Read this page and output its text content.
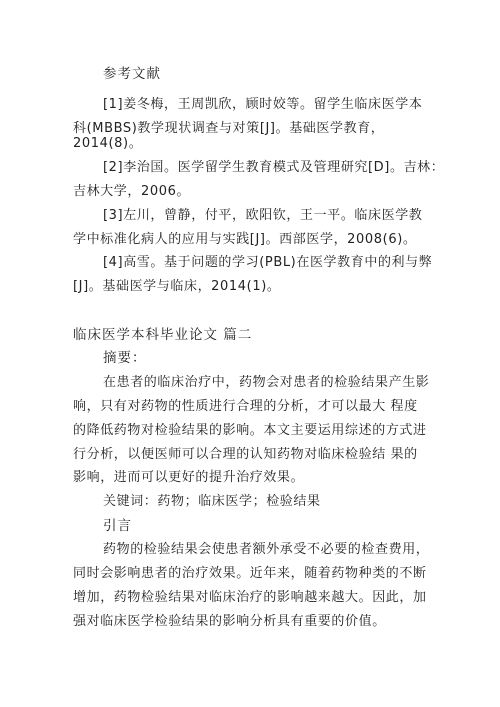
参考文献
[1]姜冬梅，王周凯欣，顾时姣等。留学生临床医学本
科(MBBS)教学现状调查与对策[J]。基础医学教育，
2014(8)。
[2]李治国。医学留学生教育模式及管理研究[D]。吉林：
吉林大学，2006。
[3]左川，曾静，付平，欧阳钦，王一平。临床医学教
学中标准化病人的应用与实践[J]。西部医学，2008(6)。
[4]高雪。基于问题的学习(PBL)在医学教育中的利与弊
[J]。基础医学与临床，2014(1)。
临床医学本科毕业论文 篇二
摘要：
在患者的临床治疗中，药物会对患者的检验结果产生影
响，只有对药物的性质进行合理的分析，才可以最大 程度
的降低药物对检验结果的影响。本文主要运用综述的方式进
行分析，以便医师可以合理的认知药物对临床检验结 果的
影响，进而可以更好的提升治疗效果。
关键词：药物；临床医学；检验结果
引言
药物的检验结果会使患者额外承受不必要的检查费用，
同时会影响患者的治疗效果。近年来，随着药物种类的不断
增加，药物检验结果对临床治疗的影响越来越大。因此，加
强对临床医学检验结果的影响分析具有重要的价值。
